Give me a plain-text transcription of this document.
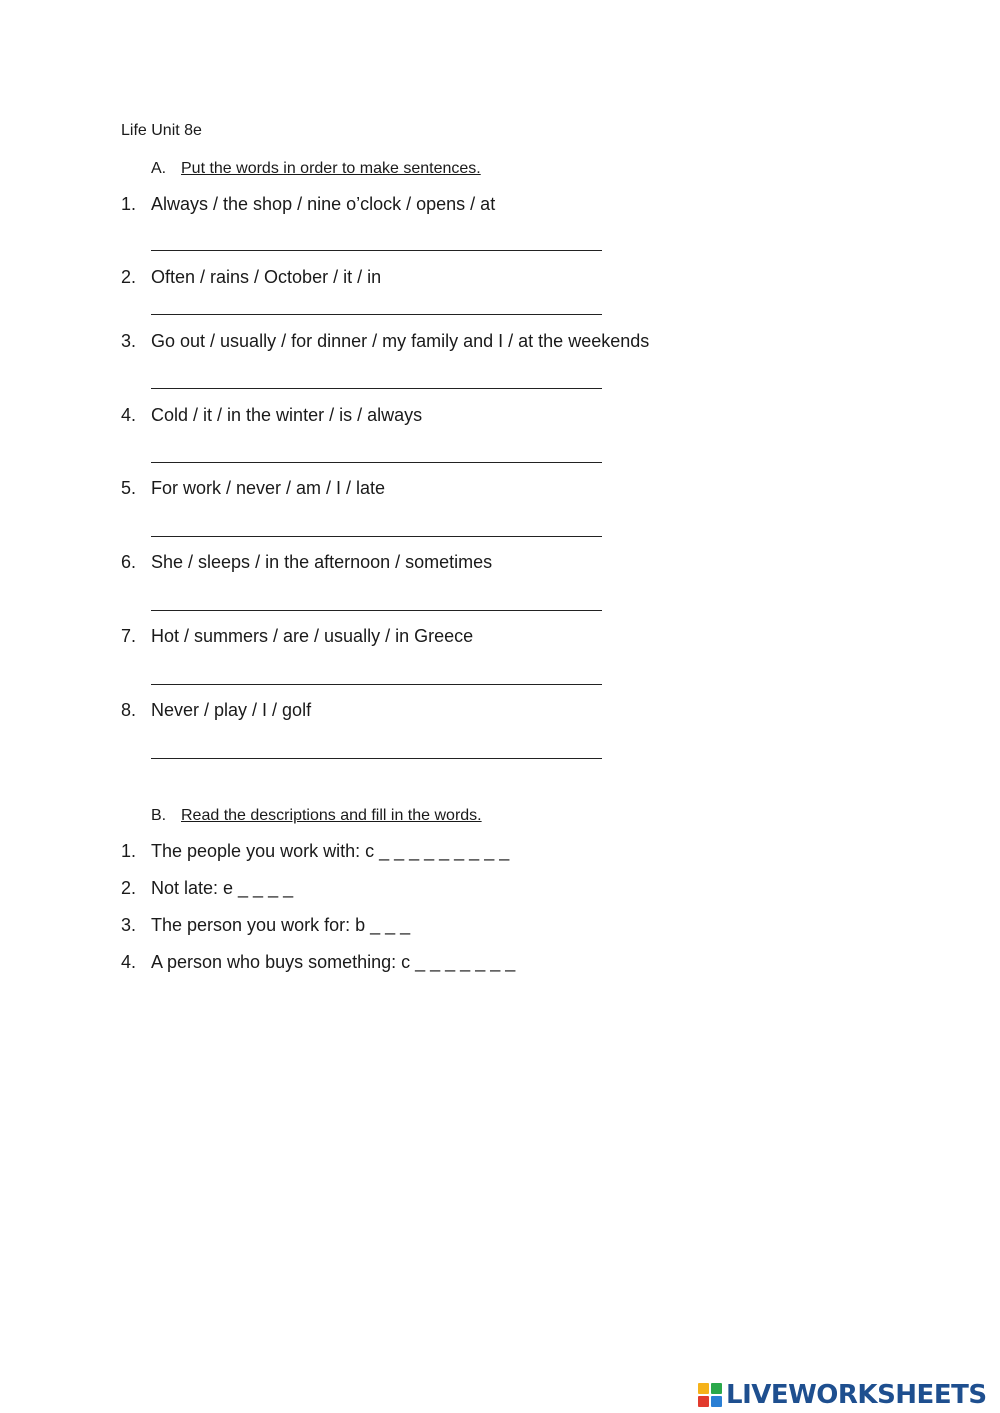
Life Unit 8e
A. Put the words in order to make sentences.
1. Always / the shop / nine o’clock / opens / at
2. Often / rains / October / it / in
3. Go out / usually / for dinner / my family and I / at the weekends
4. Cold / it / in the winter / is / always
5. For work / never / am / I / late
6. She / sleeps / in the afternoon / sometimes
7. Hot / summers / are / usually / in Greece
8. Never / play / I / golf
B. Read the descriptions and fill in the words.
1. The people you work with: c _ _ _ _ _ _ _ _ _
2. Not late: e _ _ _ _
3. The person you work for: b _ _ _
4. A person who buys something: c _ _ _ _ _ _ _
LIVEWORKSHEETS
